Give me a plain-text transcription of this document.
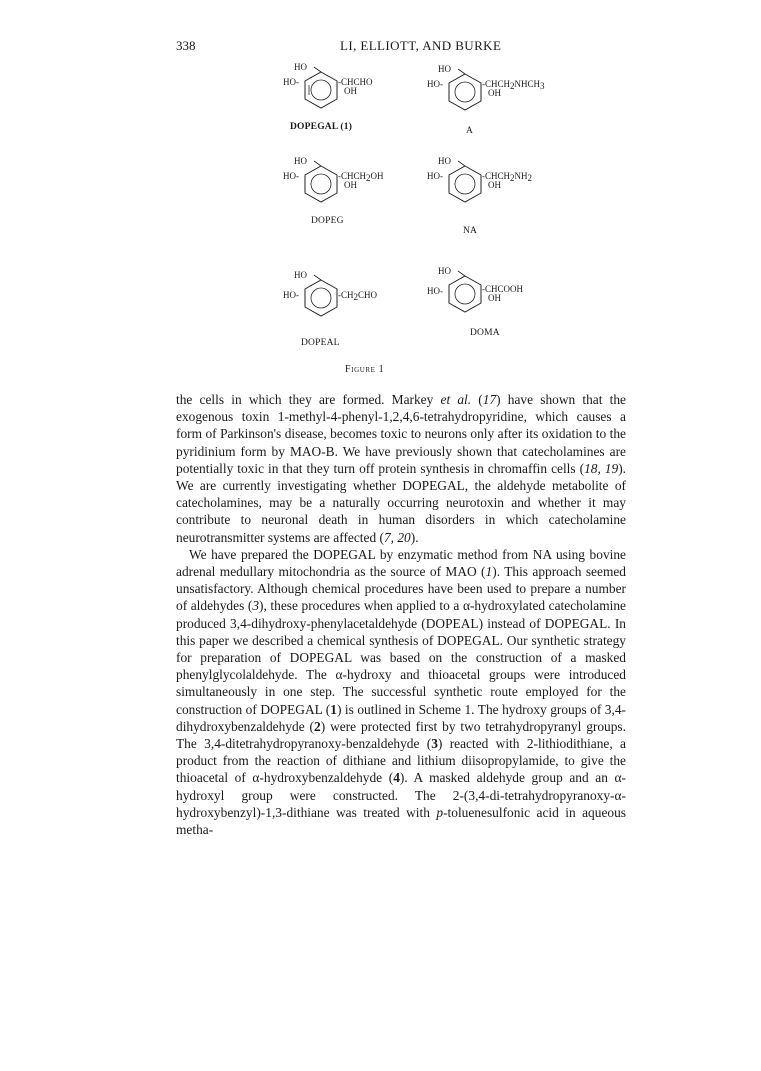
338	LI, ELLIOTT, AND BURKE
HO
HO-	-CHCHO
OH
DOPEGAL (1)
HO
HO-	-CHCH2NHCH3
OH
A
HO
HO-	-CHCH2OH
OH
DOPEG
HO
HO-	-CHCH2NH2
OH
NA
HO
HO-	-CH2CHO
DOPEAL
HO
HO-	-CHCOOH
OH
DOMA
Figure 1

the cells in which they are formed. Markey et al. (17) have shown that the exogenous toxin 1-methyl-4-phenyl-1,2,4,6-tetrahydropyridine, which causes a form of Parkinson's disease, becomes toxic to neurons only after its oxidation to the pyridinium form by MAO-B. We have previously shown that catecholamines are potentially toxic in that they turn off protein synthesis in chromaffin cells (18, 19). We are currently investigating whether DOPEGAL, the aldehyde metabolite of catecholamines, may be a naturally occurring neurotoxin and whether it may contribute to neuronal death in human disorders in which catecholamine neurotransmitter systems are affected (7, 20).

We have prepared the DOPEGAL by enzymatic method from NA using bovine adrenal medullary mitochondria as the source of MAO (1). This approach seemed unsatisfactory. Although chemical procedures have been used to prepare a number of aldehydes (3), these procedures when applied to a α-hydroxylated catecholamine produced 3,4-dihydroxy-phenylacetaldehyde (DOPEAL) instead of DOPEGAL. In this paper we described a chemical synthesis of DOPEGAL. Our synthetic strategy for preparation of DOPEGAL was based on the construction of a masked phenylglycolaldehyde. The α-hydroxy and thioacetal groups were introduced simultaneously in one step. The successful synthetic route employed for the construction of DOPEGAL (1) is outlined in Scheme 1. The hydroxy groups of 3,4-dihydroxybenzaldehyde (2) were protected first by two tetrahydropyranyl groups. The 3,4-ditetrahydropyranoxy-benzaldehyde (3) reacted with 2-lithiodithiane, a product from the reaction of dithiane and lithium diisopropylamide, to give the thioacetal of α-hydroxybenzaldehyde (4). A masked aldehyde group and an α-hydroxyl group were constructed. The 2-(3,4-di-tetrahydropyranoxy-α-hydroxybenzyl)-1,3-dithiane was treated with p-toluenesulfonic acid in aqueous metha-
